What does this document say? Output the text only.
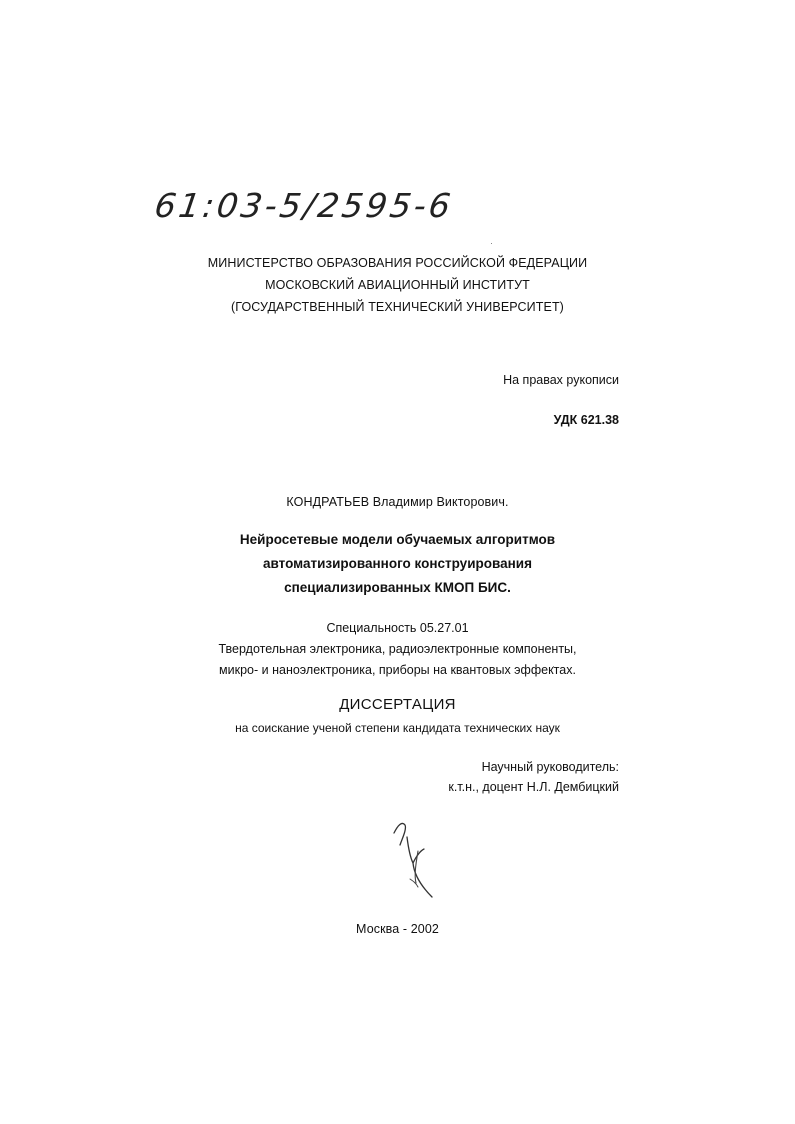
61:03-5/2595-6
МИНИСТЕРСТВО ОБРАЗОВАНИЯ РОССИЙСКОЙ ФЕДЕРАЦИИ
МОСКОВСКИЙ АВИАЦИОННЫЙ ИНСТИТУТ
(ГОСУДАРСТВЕННЫЙ ТЕХНИЧЕСКИЙ УНИВЕРСИТЕТ)
На правах рукописи
УДК 621.38
КОНДРАТЬЕВ Владимир Викторович.
Нейросетевые модели обучаемых алгоритмов
автоматизированного конструирования
специализированных КМОП БИС.
Специальность 05.27.01
Твердотельная электроника, радиоэлектронные компоненты,
микро- и наноэлектроника, приборы на квантовых эффектах.
ДИССЕРТАЦИЯ
на соискание ученой степени кандидата технических наук
Научный руководитель:
к.т.н., доцент Н.Л. Дембицкий
Москва - 2002
